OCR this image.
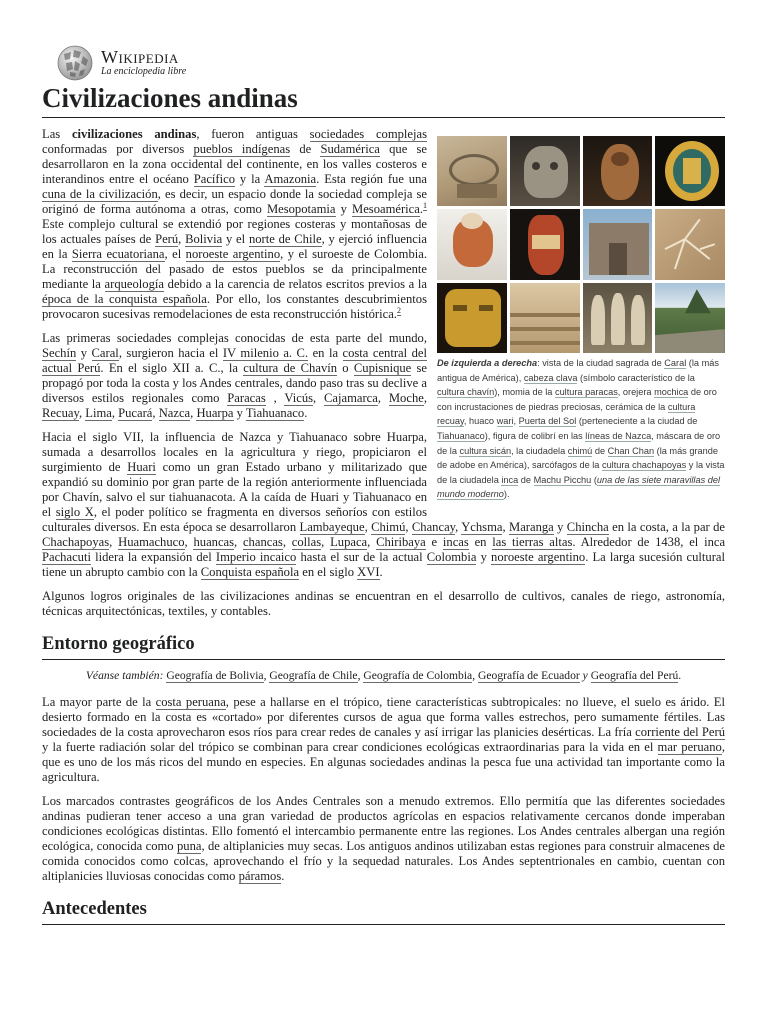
Wikipedia
La enciclopedia libre
Civilizaciones andinas
De izquierda a derecha: vista de la ciudad sagrada de Caral (la más antigua de América), cabeza clava (símbolo característico de la cultura chavín), momia de la cultura paracas, orejera mochica de oro con incrustaciones de piedras preciosas, cerámica de la cultura recuay, huaco wari, Puerta del Sol (perteneciente a la ciudad de Tiahuanaco), figura de colibrí en las líneas de Nazca, máscara de oro de la cultura sicán, la ciudadela chimú de Chan Chan (la más grande de adobe en América), sarcófagos de la cultura chachapoyas y la vista de la ciudadela inca de Machu Picchu (una de las siete maravillas del mundo moderno).

Las civilizaciones andinas, fueron antiguas sociedades complejas conformadas por diversos pueblos indígenas de Sudamérica que se desarrollaron en la zona occidental del continente, en los valles costeros e interandinos entre el océano Pacífico y la Amazonia. Esta región fue una cuna de la civilización, es decir, un espacio donde la sociedad compleja se originó de forma autónoma a otras, como Mesopotamia y Mesoamérica.$^1$ Este complejo cultural se extendió por regiones costeras y montañosas de los actuales países de Perú, Bolivia y el norte de Chile, y ejerció influencia en la Sierra ecuatoriana, el noroeste argentino, y el suroeste de Colombia. La reconstrucción del pasado de estos pueblos se da principalmente mediante la arqueología debido a la carencia de relatos escritos previos a la época de la conquista española. Por ello, los constantes descubrimientos provocaron sucesivas remodelaciones de esta reconstrucción histórica.$^2$

Las primeras sociedades complejas conocidas de esta parte del mundo, Sechín y Caral, surgieron hacia el IV milenio a. C. en la costa central del actual Perú. En el siglo XII a. C., la cultura de Chavín o Cupisnique se propagó por toda la costa y los Andes centrales, dando paso tras su declive a diversos estilos regionales como Paracas , Vicús, Cajamarca, Moche, Recuay, Lima, Pucará, Nazca, Huarpa y Tiahuanaco.

Hacia el siglo VII, la influencia de Nazca y Tiahuanaco sobre Huarpa, sumada a desarrollos locales en la agricultura y riego, propiciaron el surgimiento de Huari como un gran Estado urbano y militarizado que expandió su dominio por gran parte de la región anteriormente influenciada por Chavín, salvo el sur tiahuanacota. A la caída de Huari y Tiahuanaco en el siglo X, el poder político se fragmenta en diversos señoríos con estilos culturales diversos. En esta época se desarrollaron Lambayeque, Chimú, Chancay, Ychsma, Maranga y Chincha en la costa, a la par de Chachapoyas, Huamachuco, huancas, chancas, collas, Lupaca, Chiribaya e incas en las tierras altas. Alrededor de 1438, el inca Pachacuti lidera la expansión del Imperio incaico hasta el sur de la actual Colombia y noroeste argentino. La larga sucesión cultural tiene un abrupto cambio con la Conquista española en el siglo XVI.

Algunos logros originales de las civilizaciones andinas se encuentran en el desarrollo de cultivos, canales de riego, astronomía, técnicas arquitectónicas, textiles, y contables.

Entorno geográfico
Véanse también: Geografía de Bolivia, Geografía de Chile, Geografía de Colombia, Geografía de Ecuador y Geografía del Perú.

La mayor parte de la costa peruana, pese a hallarse en el trópico, tiene características subtropicales: no llueve, el suelo es árido. El desierto formado en la costa es «cortado» por diferentes cursos de agua que forma valles estrechos, pero sumamente fértiles. Las sociedades de la costa aprovecharon esos ríos para crear redes de canales y así irrigar las planicies desérticas. La fría corriente del Perú y la fuerte radiación solar del trópico se combinan para crear condiciones ecológicas extraordinarias para la vida en el mar peruano, que es uno de los más ricos del mundo en especies. En algunas sociedades andinas la pesca fue una actividad tan importante como la agricultura.

Los marcados contrastes geográficos de los Andes Centrales son a menudo extremos. Ello permitía que las diferentes sociedades andinas pudieran tener acceso a una gran variedad de productos agrícolas en espacios relativamente cercanos donde imperaban condiciones ecológicas distintas. Ello fomentó el intercambio permanente entre las regiones. Los Andes centrales albergan una región ecológica, conocida como puna, de altiplanicies muy secas. Los antiguos andinos utilizaban estas regiones para construir almacenes de comida conocidos como colcas, aprovechando el frío y la sequedad naturales. Los Andes septentrionales en cambio, cuentan con altiplanicies lluviosas conocidas como páramos.

Antecedentes
